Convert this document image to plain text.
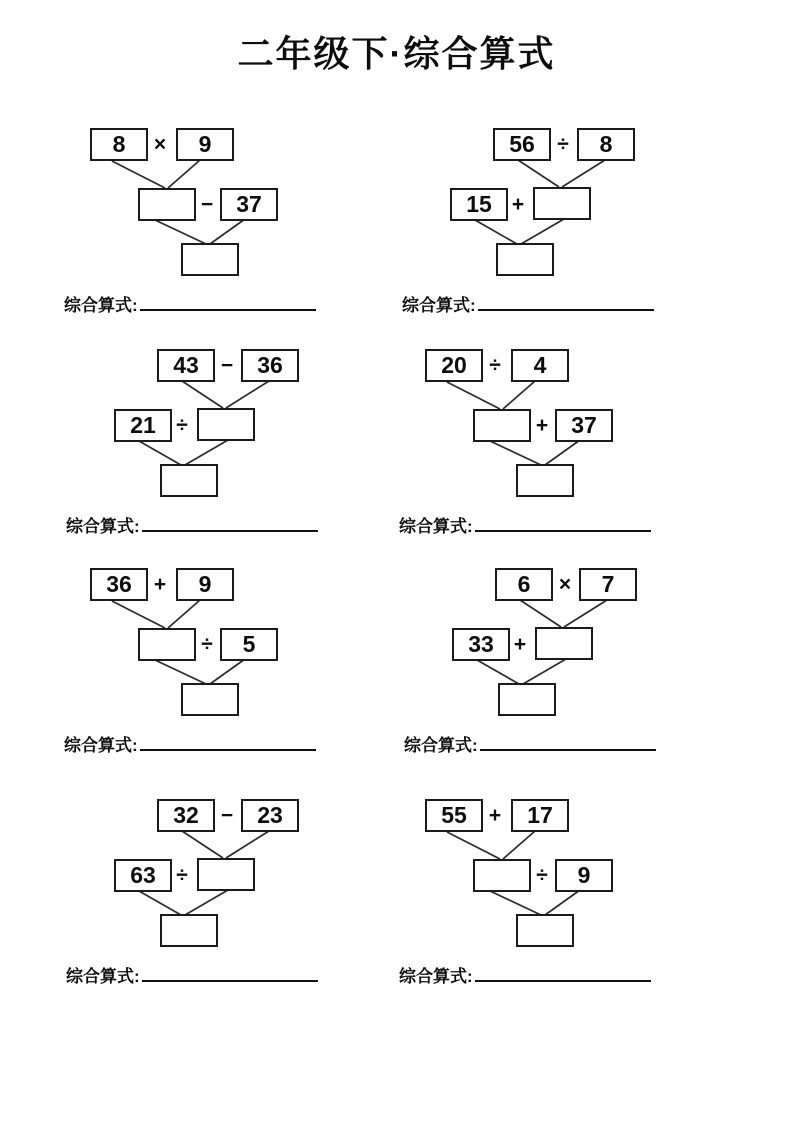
二年级下·综合算式
8	×	9
−	37
综合算式:
56	÷	8
15 +
综合算式:
43	−	36
21 ÷
综合算式:
20	÷	4
+	37
综合算式:
36	+	9
÷	5
综合算式:
6	×	7
33 +
综合算式:
32	−	23
63 ÷
综合算式:
55	+	17
÷	9
综合算式:
